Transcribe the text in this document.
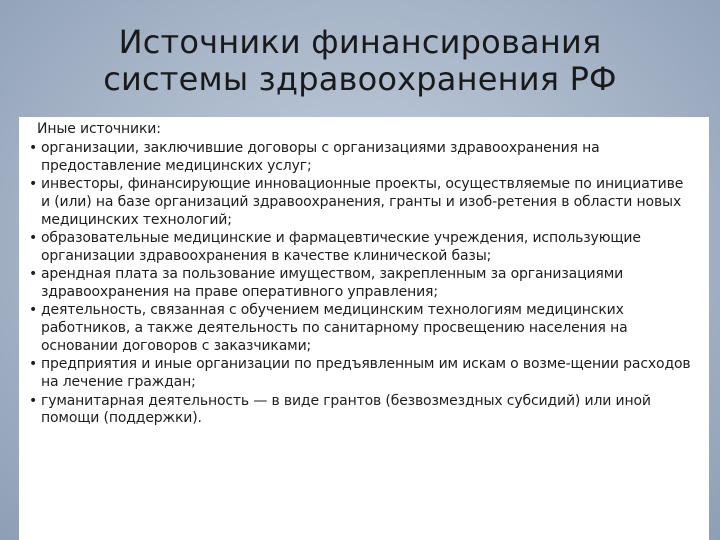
Источники финансирования
системы здравоохранения РФ
Иные источники:
• организации, заключившие договоры с организациями здравоохранения на предоставление медицинских услуг;
• инвесторы, финансирующие инновационные проекты, осуществляемые по инициативе и (или) на базе организаций здравоохранения, гранты и изоб-ретения в области новых медицинских технологий;
• образовательные медицинские и фармацевтические учреждения, использующие организации здравоохранения в качестве клинической базы;
• арендная плата за пользование имуществом, закрепленным за организациями здравоохранения на праве оперативного управления;
• деятельность, связанная с обучением медицинским технологиям медицинских работников, а также деятельность по санитарному просвещению населения на основании договоров с заказчиками;
• предприятия и иные организации по предъявленным им искам о возме-щении расходов на лечение граждан;
• гуманитарная деятельность — в виде грантов (безвозмездных субсидий) или иной помощи (поддержки).
